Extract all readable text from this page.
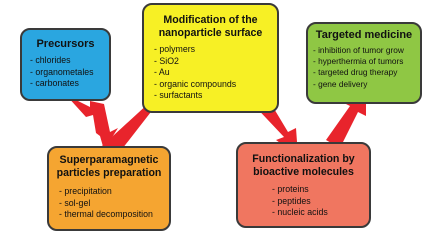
Precursors
- chlorides
- organometales
- carbonates
Modification of the
nanoparticle surface
- polymers
- SiO2
- Au
- organic compounds
- surfactants
Targeted medicine
- inhibition of tumor grow
- hyperthermia of tumors
- targeted drug therapy
- gene delivery
Superparamagnetic
particles preparation
- precipitation
- sol-gel
- thermal decomposition
Functionalization by
bioactive molecules
- proteins
- peptides
- nucleic acids
